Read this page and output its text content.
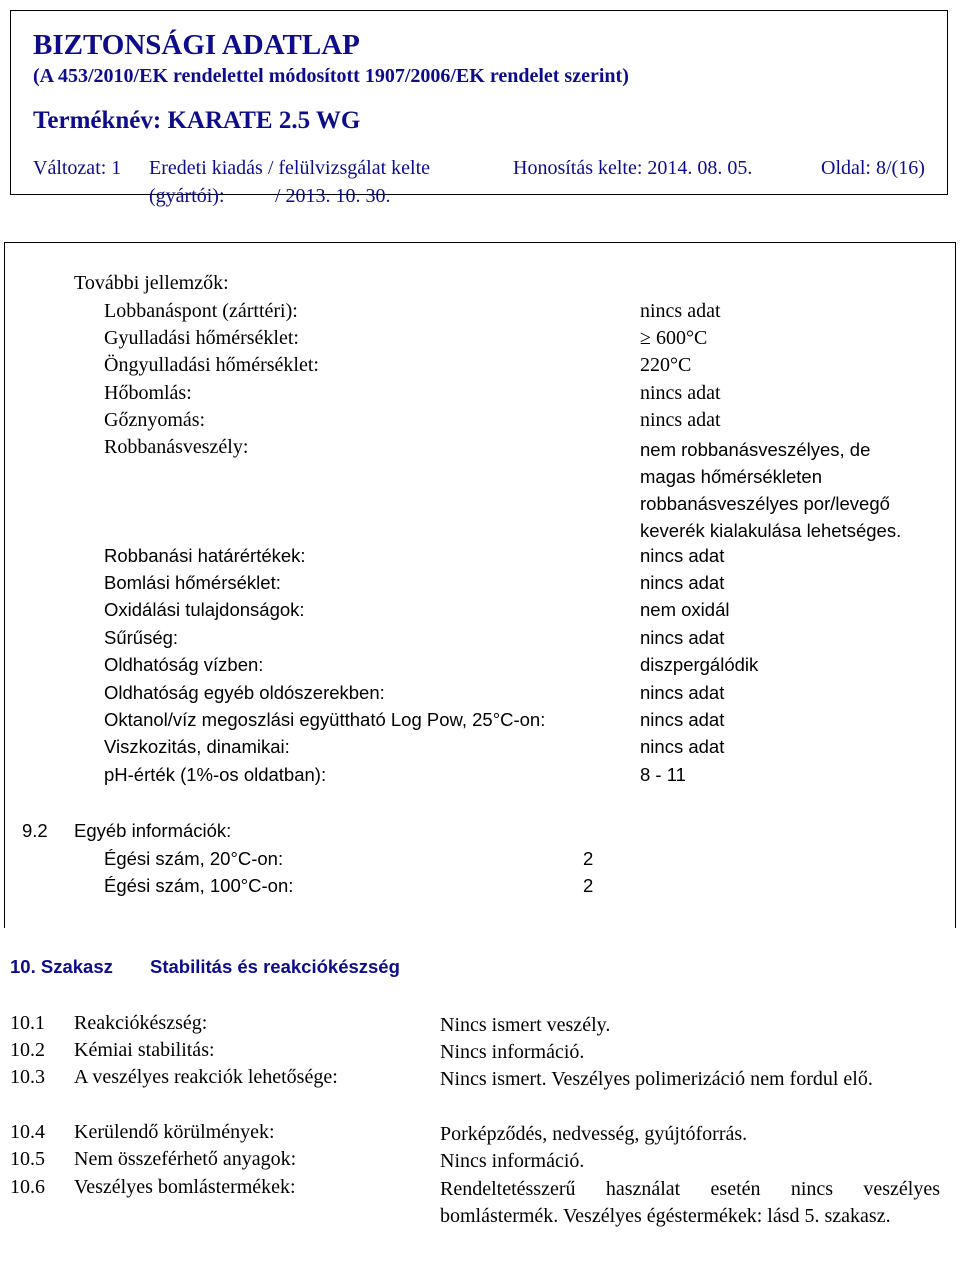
BIZTONSÁGI ADATLAP
(A 453/2010/EK rendelettel módosított 1907/2006/EK rendelet szerint)
Terméknév: KARATE 2.5 WG
Változat: 1 Eredeti kiadás / felülvizsgálat kelte
(gyártói):	/ 2013. 10. 30.
Honosítás kelte: 2014. 08. 05.	Oldal: 8/(16)
További jellemzők:
Lobbanáspont (zárttéri):	nincs adat
Gyulladási hőmérséklet:	≥ 600°C
Öngyulladási hőmérséklet:	220°C
Hőbomlás:	nincs adat
Gőznyomás:	nincs adat
Robbanásveszély:	nem robbanásveszélyes, de
magas hőmérsékleten
robbanásveszélyes por/levegő
keverék kialakulása lehetséges.
Robbanási határértékek:	nincs adat
Bomlási hőmérséklet:	nincs adat
Oxidálási tulajdonságok:	nem oxidál
Sűrűség:	nincs adat
Oldhatóság vízben:	diszpergálódik
Oldhatóság egyéb oldószerekben:	nincs adat
Oktanol/víz megoszlási együttható Log Pow, 25°C-on:	nincs adat
Viszkozitás, dinamikai:	nincs adat
pH-érték (1%-os oldatban):	8 - 11
9.2 Egyéb információk:
Égési szám, 20°C-on:	2
Égési szám, 100°C-on:	2
10. Szakasz Stabilitás és reakciókészség
10.1 Reakciókészség:	Nincs ismert veszély.
10.2 Kémiai stabilitás:	Nincs információ.
10.3 A veszélyes reakciók lehetősége:	Nincs ismert. Veszélyes polimerizáció nem fordul elő.
10.4 Kerülendő körülmények:	Porképződés, nedvesség, gyújtóforrás.
10.5 Nem összeférhető anyagok:	Nincs információ.
10.6 Veszélyes bomlástermékek:	Rendeltetésszerű használat esetén nincs veszélyes bomlástermék. Veszélyes égéstermékek: lásd 5. szakasz.
